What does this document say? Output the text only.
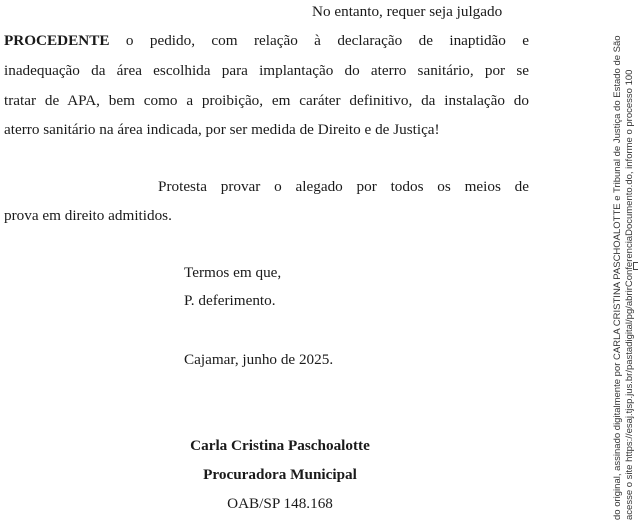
No entanto, requer seja julgado
PROCEDENTE o pedido, com relação à declaração de inaptidão e
inadequação da área escolhida para implantação do aterro sanitário, por se
tratar de APA, bem como a proibição, em caráter definitivo, da instalação do
aterro sanitário na área indicada, por ser medida de Direito e de Justiça!
Protesta provar o alegado por todos os meios de
prova em direito admitidos.
Termos em que,
P. deferimento.
Cajamar, junho de 2025.
Carla Cristina Paschoalotte
Procuradora Municipal
OAB/SP 148.168	do original, assinado digitalmente por CARLA CRISTINA PASCHOALOTTE e Tribunal de Justiça do Estado de São acesse o site https://esaj.tjsp.jus.br/pastadigital/pg/abrirConferenciaDocumento.do, informe o processo 100
